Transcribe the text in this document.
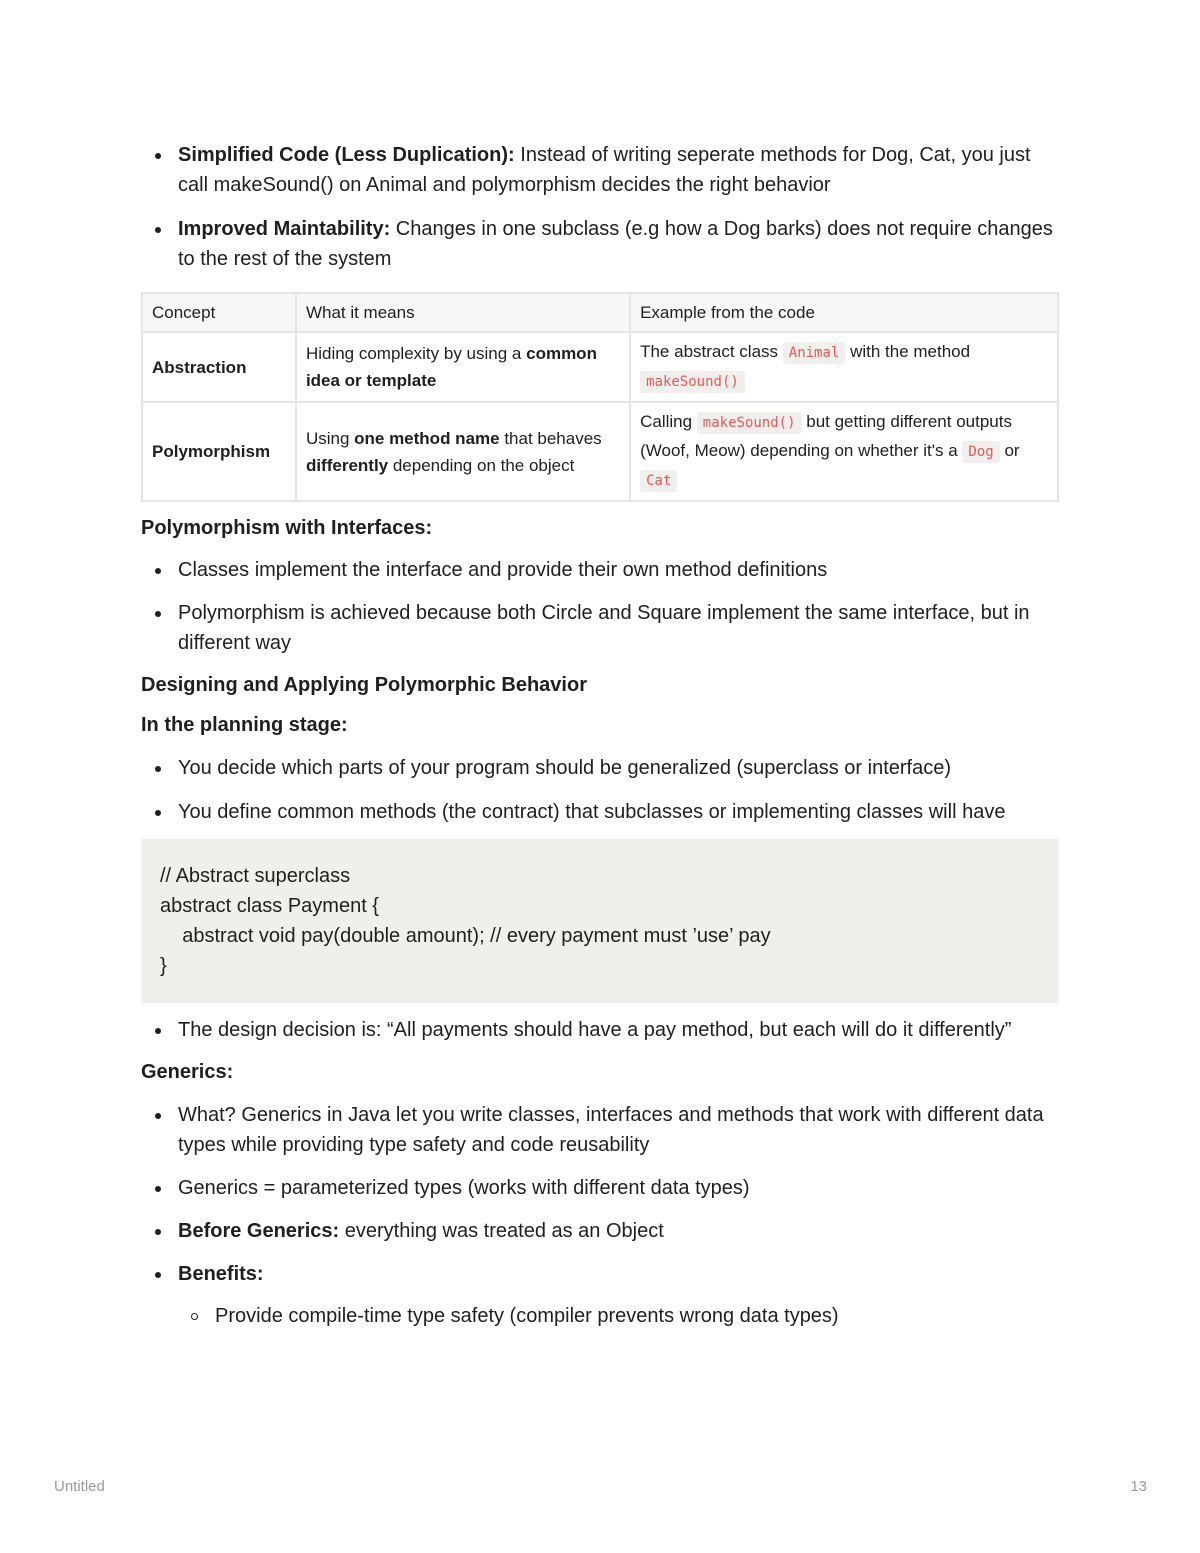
Simplified Code (Less Duplication): Instead of writing seperate methods for Dog, Cat, you just call makeSound() on Animal and polymorphism decides the right behavior
Improved Maintability: Changes in one subclass (e.g how a Dog barks) does not require changes to the rest of the system
Concept	What it means	Example from the code
Abstraction	Hiding complexity by using a common idea or template	The abstract class Animal with the method makeSound()
Polymorphism	Using one method name that behaves differently depending on the object	Calling makeSound() but getting different outputs (Woof, Meow) depending on whether it's a Dog or Cat
Polymorphism with Interfaces:
Classes implement the interface and provide their own method definitions
Polymorphism is achieved because both Circle and Square implement the same interface, but in different way
Designing and Applying Polymorphic Behavior
In the planning stage:
You decide which parts of your program should be generalized (superclass or interface)
You define common methods (the contract) that subclasses or implementing classes will have
// Abstract superclass
abstract class Payment {
abstract void pay(double amount); // every payment must ’use’ pay
}
The design decision is: “All payments should have a pay method, but each will do it differently”
Generics:
What? Generics in Java let you write classes, interfaces and methods that work with different data types while providing type safety and code reusability
Generics = parameterized types (works with different data types)
Before Generics: everything was treated as an Object
Benefits:
Provide compile-time type safety (compiler prevents wrong data types)
Untitled	13
